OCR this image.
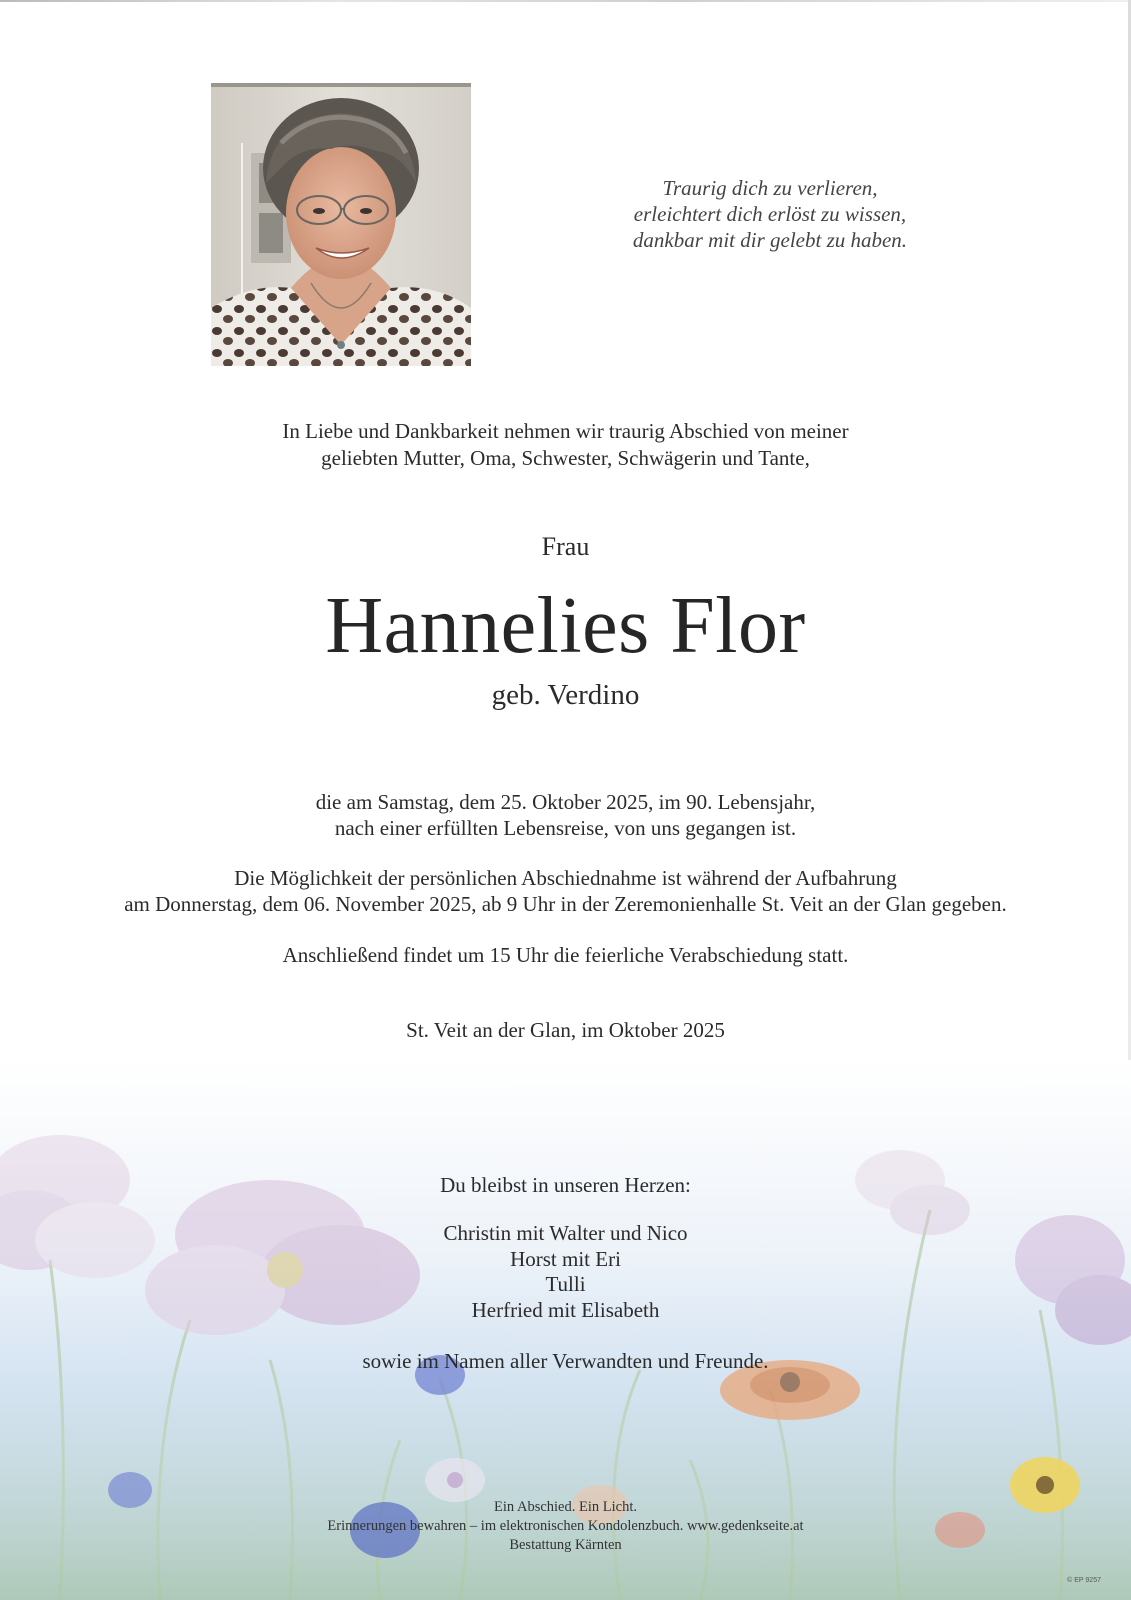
Traurig dich zu verlieren,
erleichtert dich erlöst zu wissen,
dankbar mit dir gelebt zu haben.
In Liebe und Dankbarkeit nehmen wir traurig Abschied von meiner
geliebten Mutter, Oma, Schwester, Schwägerin und Tante,
Frau
Hannelies Flor
geb. Verdino
die am Samstag, dem 25. Oktober 2025, im 90. Lebensjahr,
nach einer erfüllten Lebensreise, von uns gegangen ist.
Die Möglichkeit der persönlichen Abschiednahme ist während der Aufbahrung
am Donnerstag, dem 06. November 2025, ab 9 Uhr in der Zeremonienhalle St. Veit an der Glan gegeben.
Anschließend findet um 15 Uhr die feierliche Verabschiedung statt.
St. Veit an der Glan, im Oktober 2025
Du bleibst in unseren Herzen:
Christin mit Walter und Nico
Horst mit Eri
Tulli
Herfried mit Elisabeth
sowie im Namen aller Verwandten und Freunde.
Ein Abschied. Ein Licht.
Erinnerungen bewahren – im elektronischen Kondolenzbuch. www.gedenkseite.at
Bestattung Kärnten
© EP 9257
